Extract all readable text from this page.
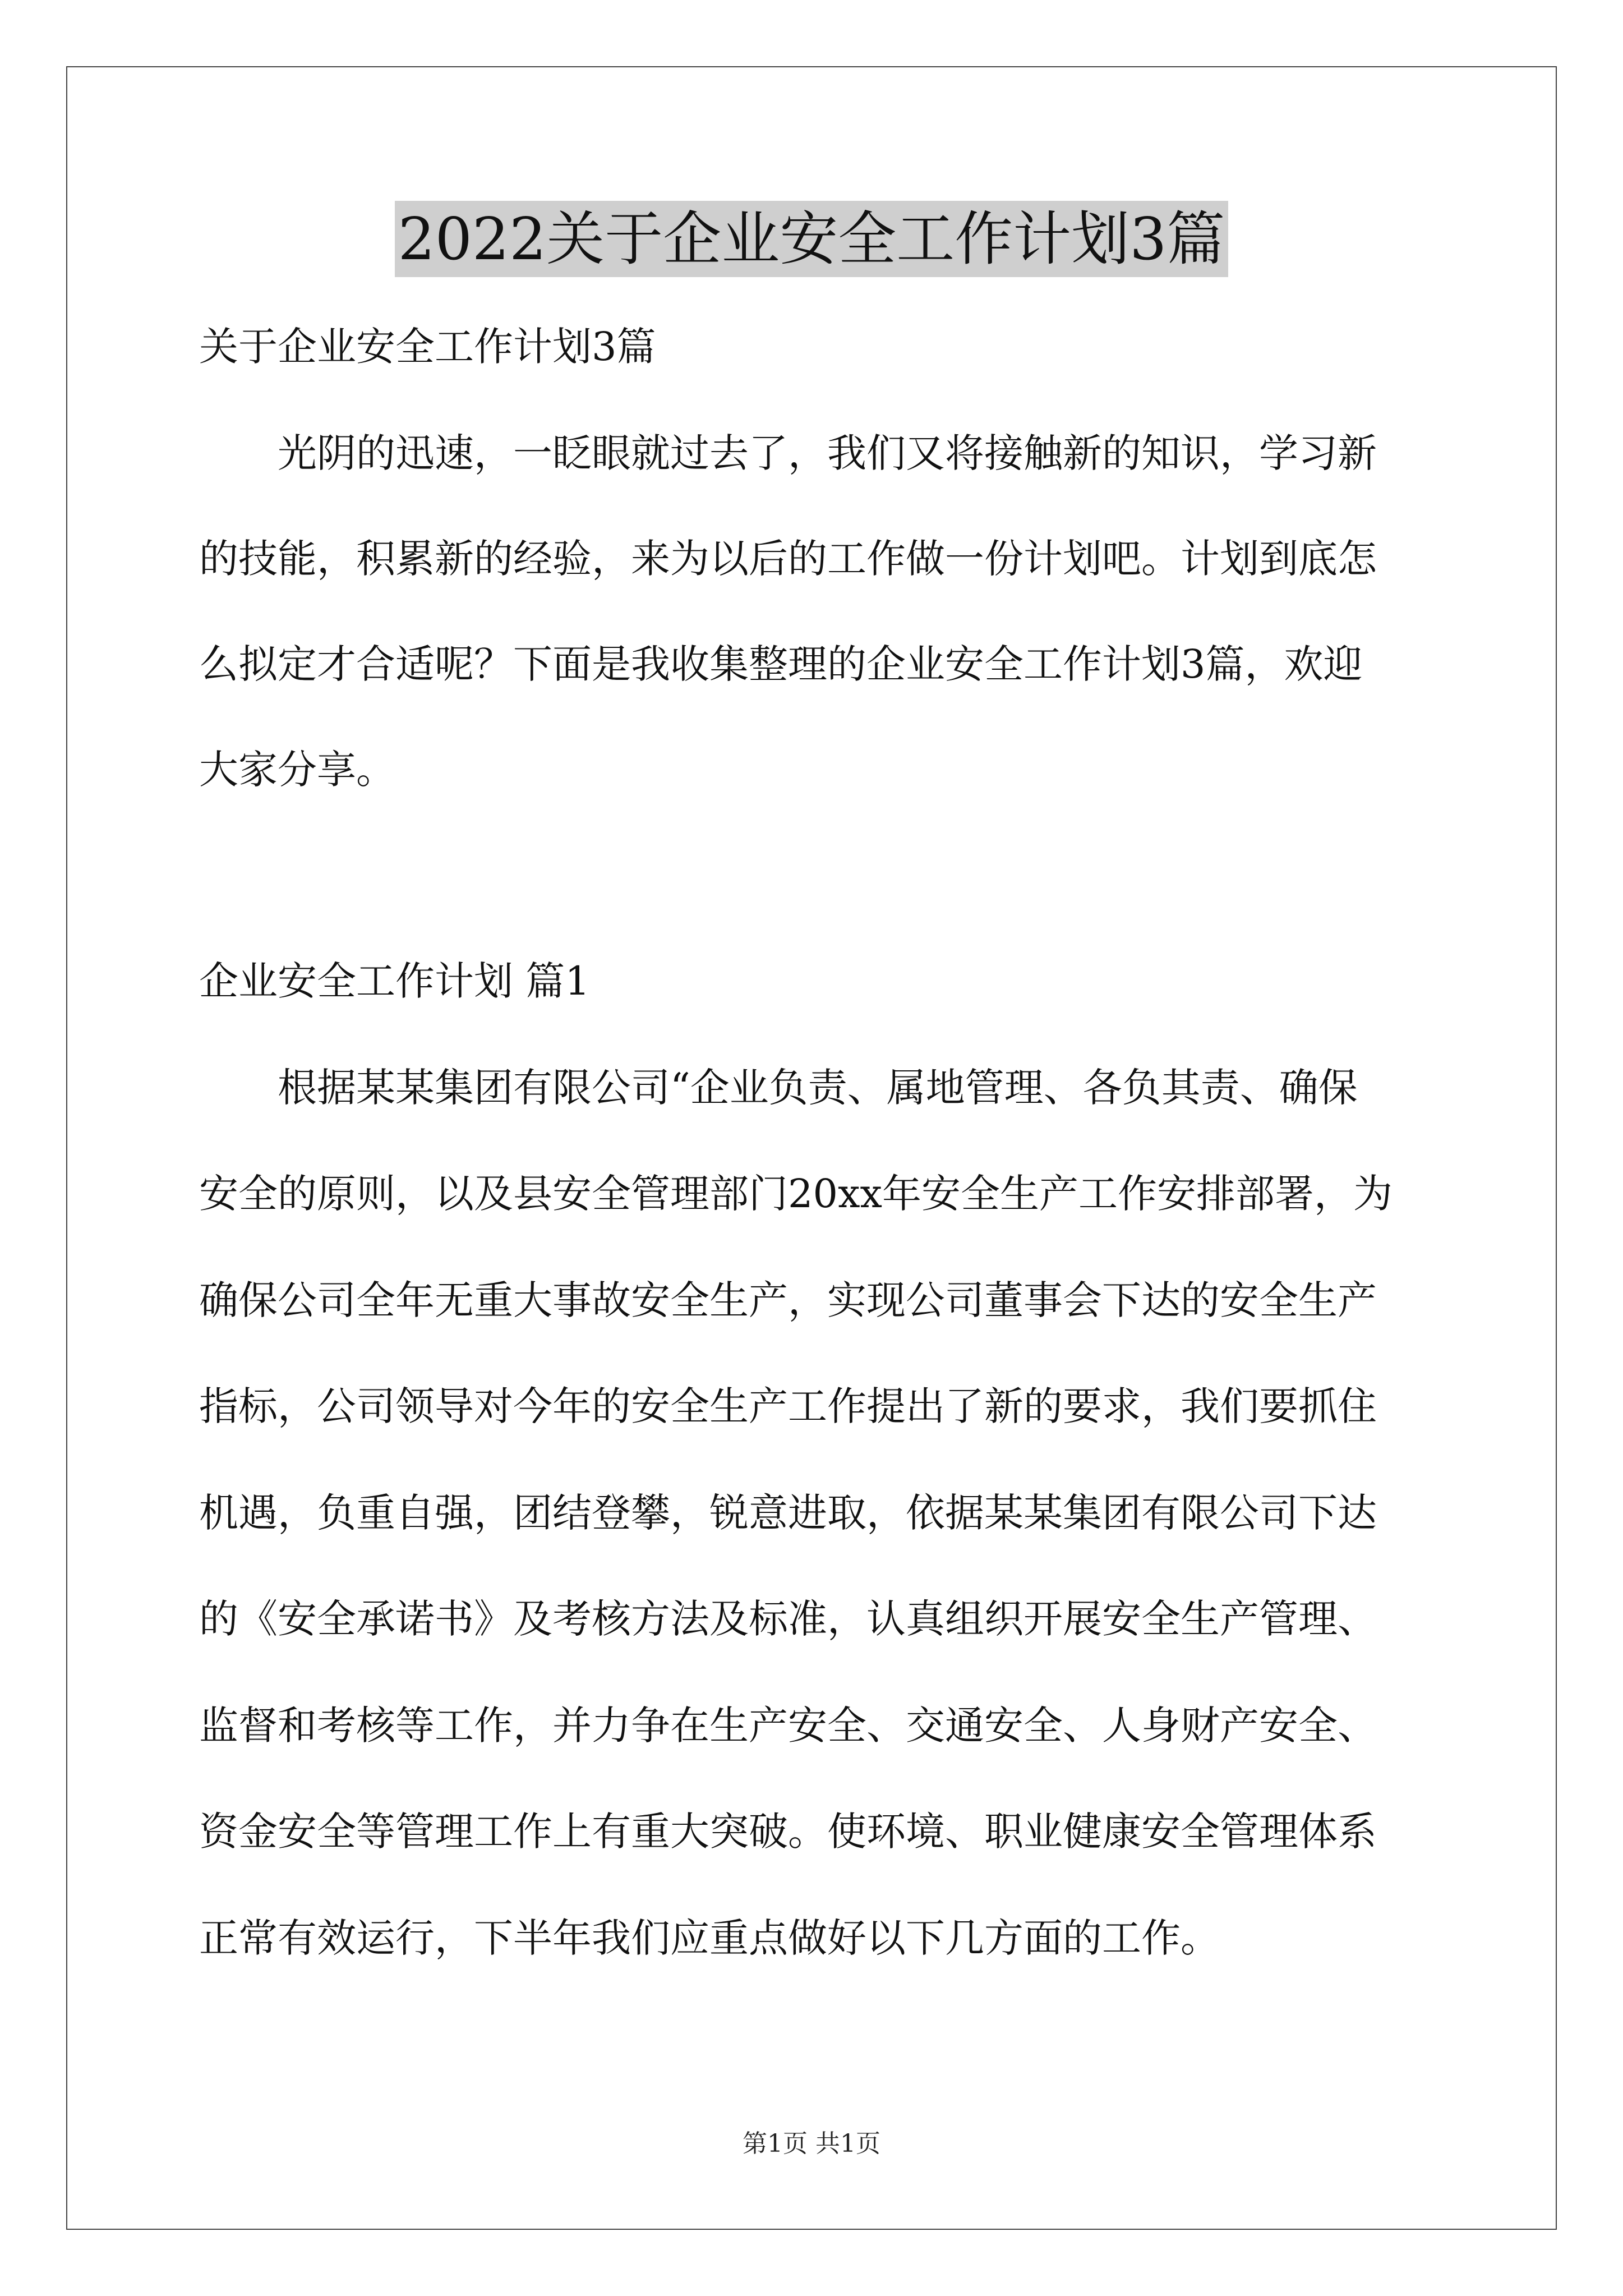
2022关于企业安全工作计划3篇
关于企业安全工作计划3篇
光阴的迅速，一眨眼就过去了，我们又将接触新的知识，学习新
的技能，积累新的经验，来为以后的工作做一份计划吧。计划到底怎
么拟定才合适呢？下面是我收集整理的企业安全工作计划3篇，欢迎
大家分享。
企业安全工作计划 篇1
根据某某集团有限公司“企业负责、属地管理、各负其责、确保
安全的原则，以及县安全管理部门20xx年安全生产工作安排部署，为
确保公司全年无重大事故安全生产，实现公司董事会下达的安全生产
指标，公司领导对今年的安全生产工作提出了新的要求，我们要抓住
机遇，负重自强，团结登攀，锐意进取，依据某某集团有限公司下达
的《安全承诺书》及考核方法及标准，认真组织开展安全生产管理、
监督和考核等工作，并力争在生产安全、交通安全、人身财产安全、
资金安全等管理工作上有重大突破。使环境、职业健康安全管理体系
正常有效运行，下半年我们应重点做好以下几方面的工作。
第1页 共1页
